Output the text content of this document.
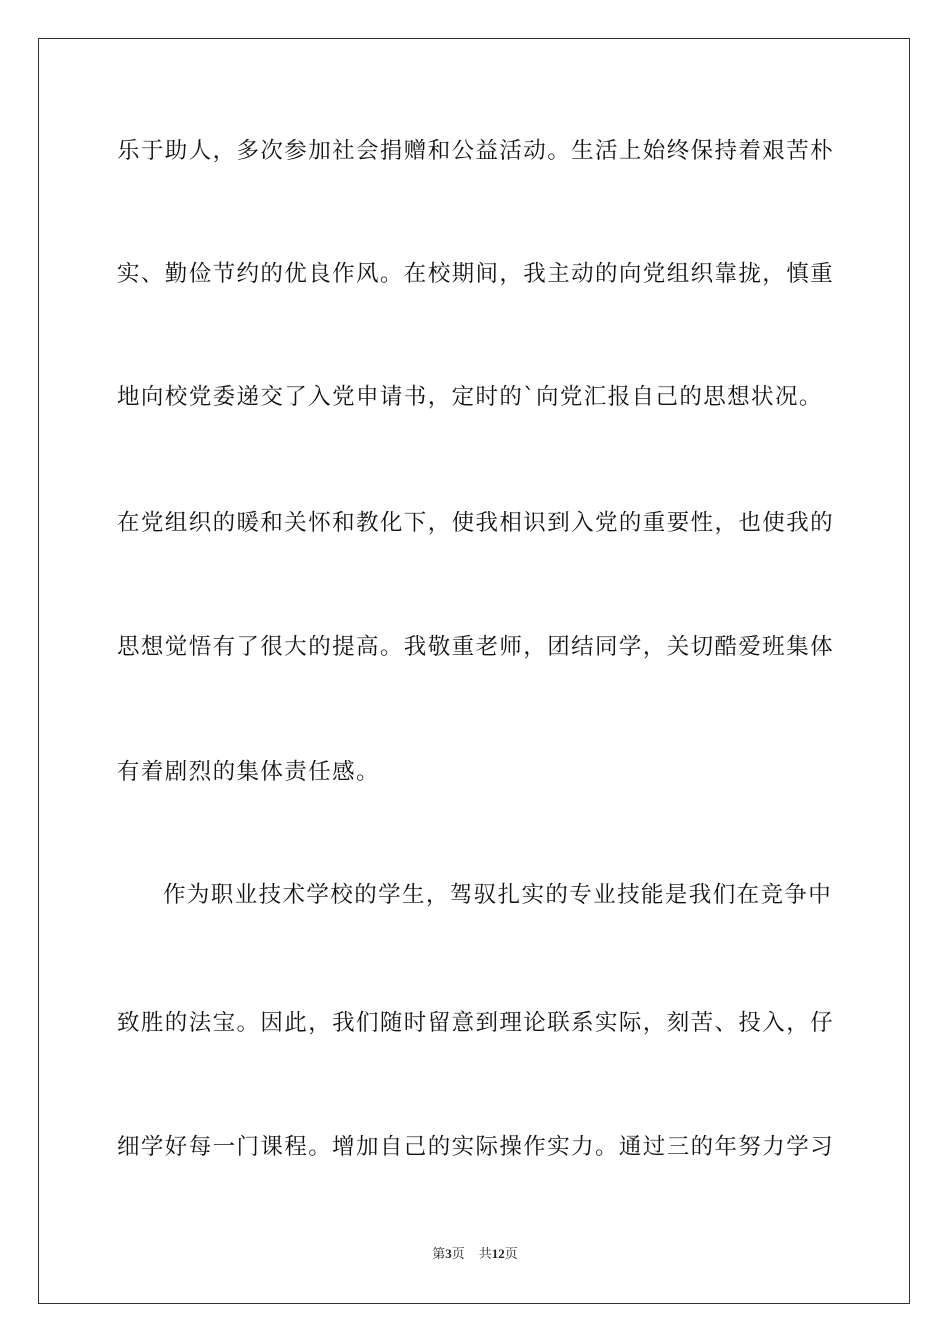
乐于助人，多次参加社会捐赠和公益活动。生活上始终保持着艰苦朴
实、勤俭节约的优良作风。在校期间，我主动的向党组织靠拢，慎重
地向校党委递交了入党申请书，定时的`向党汇报自己的思想状况。
在党组织的暖和关怀和教化下，使我相识到入党的重要性，也使我的
思想觉悟有了很大的提高。我敬重老师，团结同学，关切酷爱班集体
有着剧烈的集体责任感。
作为职业技术学校的学生，驾驭扎实的专业技能是我们在竞争中
致胜的法宝。因此，我们随时留意到理论联系实际，刻苦、投入，仔
细学好每一门课程。增加自己的实际操作实力。通过三的年努力学习
第3页 共12页
